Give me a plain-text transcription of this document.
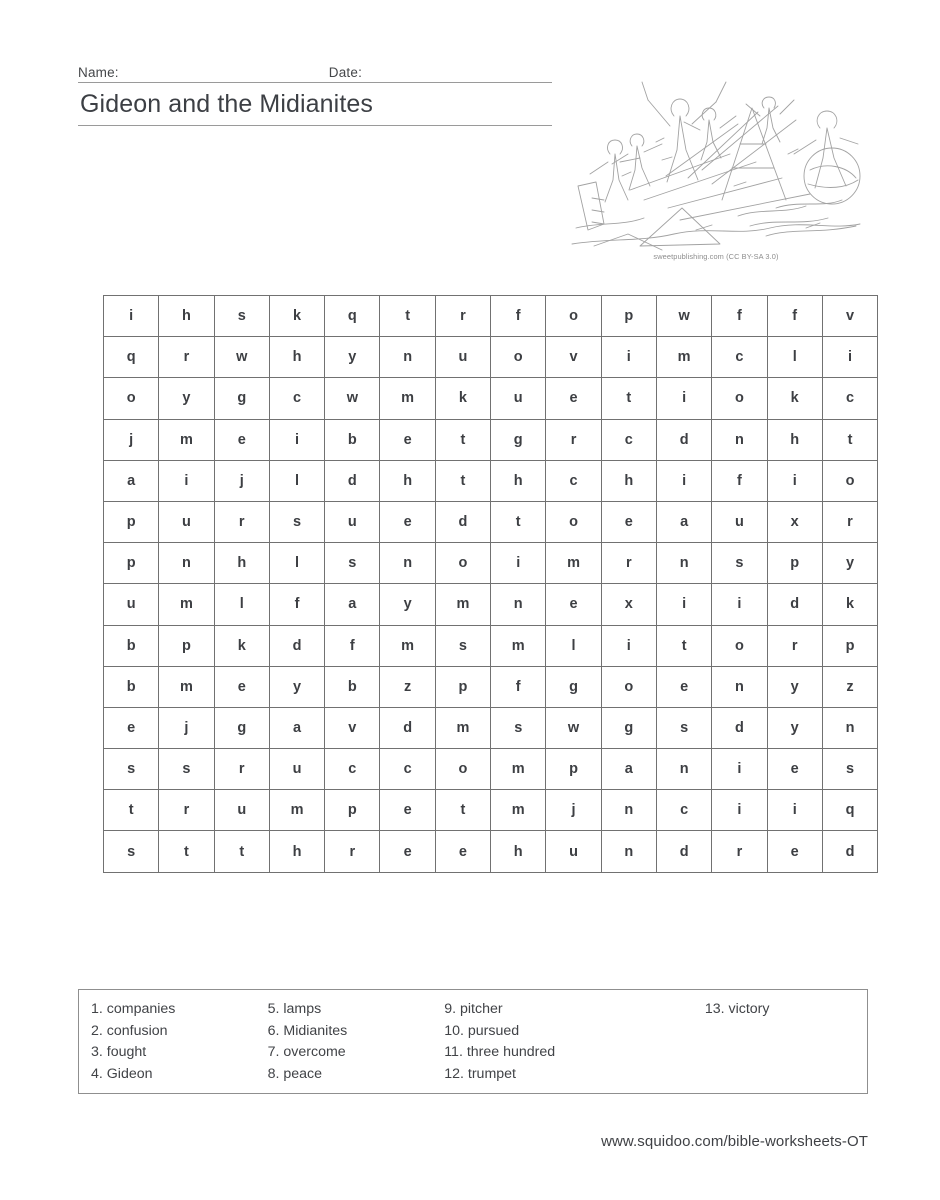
Name:	Date:
Gideon and the Midianites
sweetpublishing.com (CC BY-SA 3.0)
i	h	s	k	q	t	r	f	o	p	w	f	f	v
q	r	w	h	y	n	u	o	v	i	m	c	l	i
o	y	g	c	w	m	k	u	e	t	i	o	k	c
j	m	e	i	b	e	t	g	r	c	d	n	h	t
a	i	j	l	d	h	t	h	c	h	i	f	i	o
p	u	r	s	u	e	d	t	o	e	a	u	x	r
p	n	h	l	s	n	o	i	m	r	n	s	p	y
u	m	l	f	a	y	m	n	e	x	i	i	d	k
b	p	k	d	f	m	s	m	l	i	t	o	r	p
b	m	e	y	b	z	p	f	g	o	e	n	y	z
e	j	g	a	v	d	m	s	w	g	s	d	y	n
s	s	r	u	c	c	o	m	p	a	n	i	e	s
t	r	u	m	p	e	t	m	j	n	c	i	i	q
s	t	t	h	r	e	e	h	u	n	d	r	e	d
1. companies
2. confusion
3. fought
4. Gideon
5. lamps
6. Midianites
7. overcome
8. peace
9. pitcher
10. pursued
11. three hundred
12. trumpet
13. victory
www.squidoo.com/bible-worksheets-OT
